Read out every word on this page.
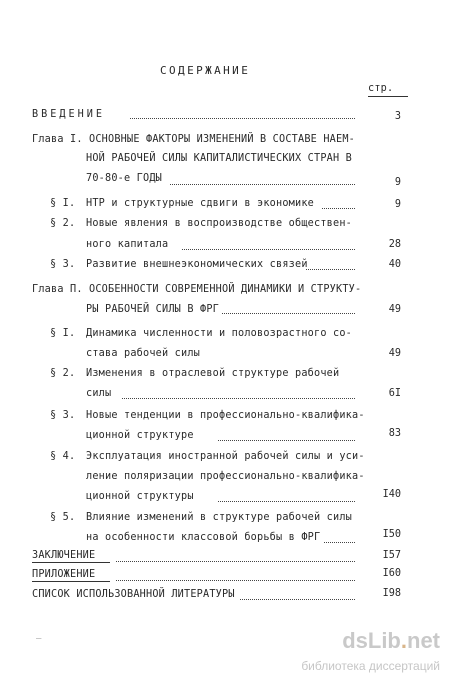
СОДЕРЖАНИЕ
стр.
ВВЕДЕНИЕ	3
Глава I. ОСНОВНЫЕ ФАКТОРЫ ИЗМЕНЕНИЙ В СОСТАВЕ НАЕМ-
НОЙ РАБОЧЕЙ СИЛЫ КАПИТАЛИСТИЧЕСКИХ СТРАН В
70-80-е ГОДЫ	9
§ I. НТР и структурные сдвиги в экономике	9
§ 2. Новые явления в воспроизводстве обществен-
ного капитала	28
§ 3. Развитие внешнеэкономических связей	40
Глава П. ОСОБЕННОСТИ СОВРЕМЕННОЙ ДИНАМИКИ И СТРУКТУ-
РЫ РАБОЧЕЙ СИЛЫ В ФРГ	49
§ I. Динамика численности и половозрастного со-
става рабочей силы	49
§ 2. Изменения в отраслевой структуре рабочей
силы	6I
§ 3. Новые тенденции в профессионально-квалифика-
ционной структуре	83
§ 4. Эксплуатация иностранной рабочей силы и уси-
ление поляризации профессионально-квалифика-
ционной структуры	I40
§ 5. Влияние изменений в структуре рабочей силы
на особенности классовой борьбы в ФРГ	I50
ЗАКЛЮЧЕНИЕ	I57
ПРИЛОЖЕНИЕ	I60
СПИСОК ИСПОЛЬЗОВАННОЙ ЛИТЕРАТУРЫ	I98
_	dsLib.net
библиотека диссертаций
